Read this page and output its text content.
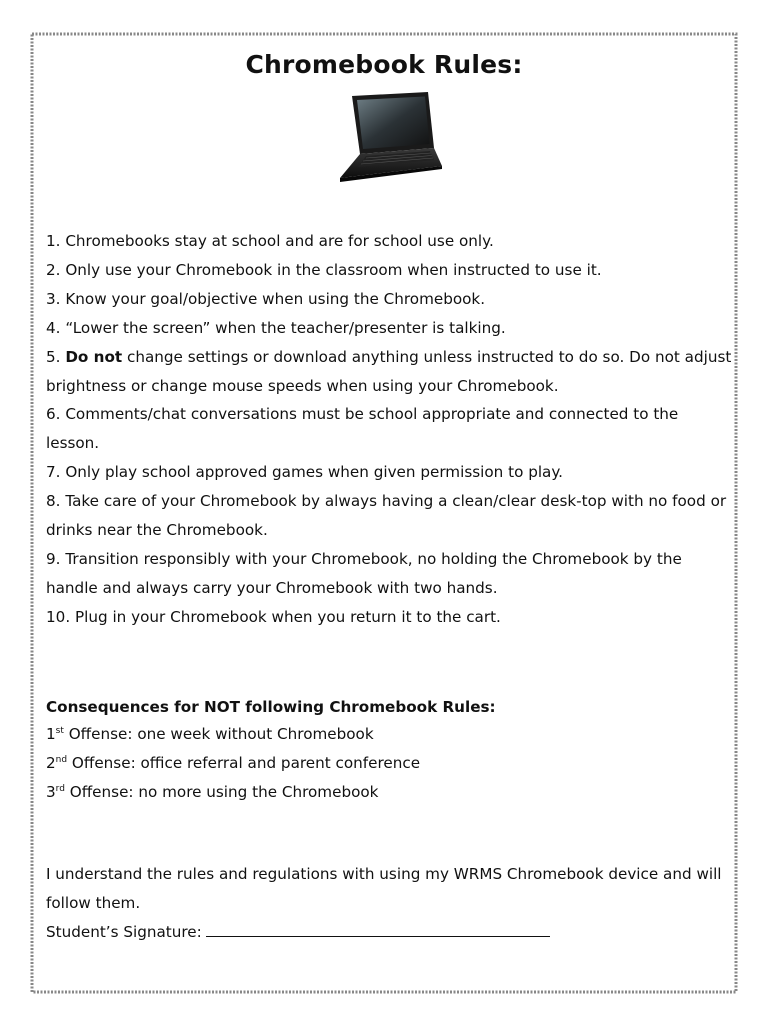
Chromebook Rules:
1. Chromebooks stay at school and are for school use only.
2. Only use your Chromebook in the classroom when instructed to use it.
3. Know your goal/objective when using the Chromebook.
4. “Lower the screen” when the teacher/presenter is talking.
5. Do not change settings or download anything unless instructed to do so. Do not adjust brightness or change mouse speeds when using your Chromebook.
6. Comments/chat conversations must be school appropriate and connected to the lesson.
7. Only play school approved games when given permission to play.
8. Take care of your Chromebook by always having a clean/clear desk-top with no food or drinks near the Chromebook.
9. Transition responsibly with your Chromebook, no holding the Chromebook by the handle and always carry your Chromebook with two hands.
10. Plug in your Chromebook when you return it to the cart.

Consequences for NOT following Chromebook Rules:

1st Offense: one week without Chromebook
2nd Offense: office referral and parent conference
3rd Offense: no more using the Chromebook

I understand the rules and regulations with using my WRMS Chromebook device and will follow them.

Student’s Signature:
